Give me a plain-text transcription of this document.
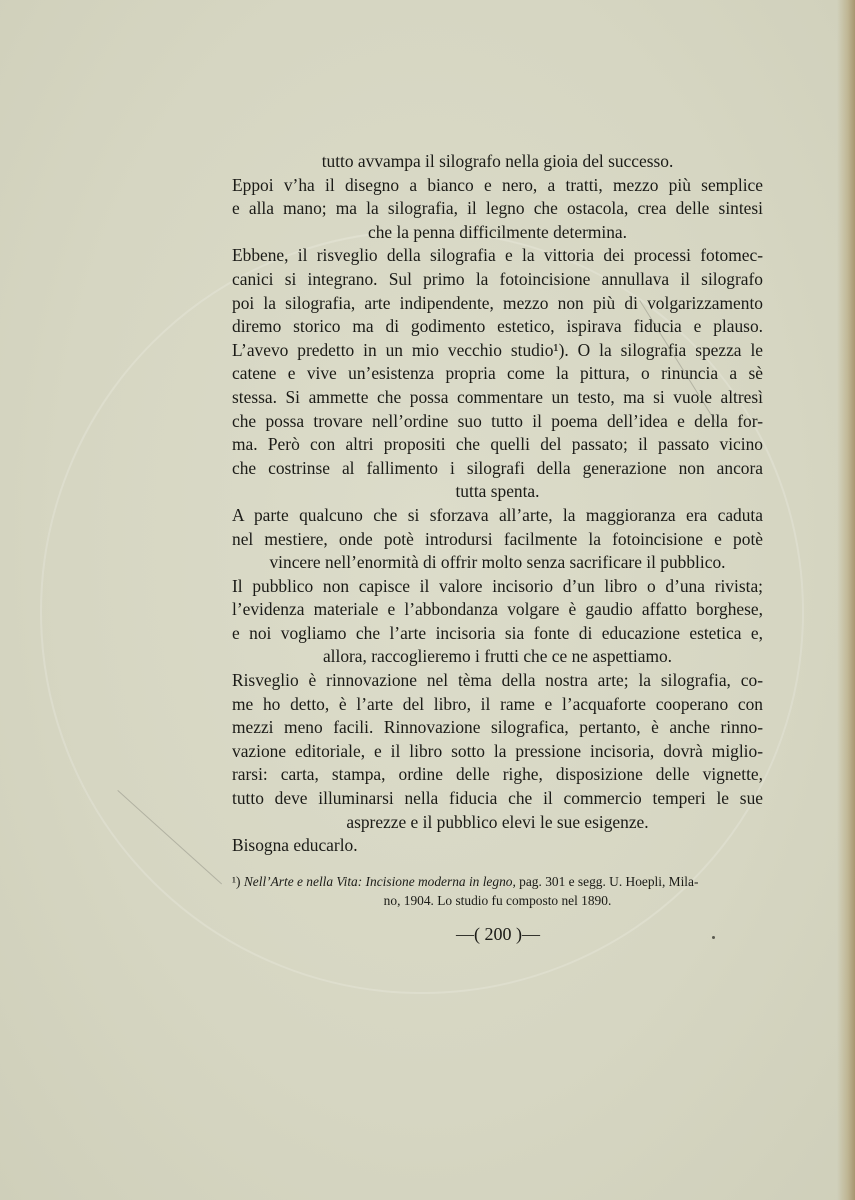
tutto avvampa il silografo nella gioia del successo.
Eppoi v’ha il disegno a bianco e nero, a tratti, mezzo più semplice
e alla mano; ma la silografia, il legno che ostacola, crea delle sintesi
che la penna difficilmente determina.
Ebbene, il risveglio della silografia e la vittoria dei processi fotomec-
canici si integrano. Sul primo la fotoincisione annullava il silografo
poi la silografia, arte indipendente, mezzo non più di volgarizzamento
diremo storico ma di godimento estetico, ispirava fiducia e plauso.
L’avevo predetto in un mio vecchio studio¹). O la silografia spezza le
catene e vive un’esistenza propria come la pittura, o rinuncia a sè
stessa. Si ammette che possa commentare un testo, ma si vuole altresì
che possa trovare nell’ordine suo tutto il poema dell’idea e della for-
ma. Però con altri propositi che quelli del passato; il passato vicino
che costrinse al fallimento i silografi della generazione non ancora
tutta spenta.
A parte qualcuno che si sforzava all’arte, la maggioranza era caduta
nel mestiere, onde potè introdursi facilmente la fotoincisione e potè
vincere nell’enormità di offrir molto senza sacrificare il pubblico.
Il pubblico non capisce il valore incisorio d’un libro o d’una rivista;
l’evidenza materiale e l’abbondanza volgare è gaudio affatto borghese,
e noi vogliamo che l’arte incisoria sia fonte di educazione estetica e,
allora, raccoglieremo i frutti che ce ne aspettiamo.
Risveglio è rinnovazione nel tèma della nostra arte; la silografia, co-
me ho detto, è l’arte del libro, il rame e l’acquaforte cooperano con
mezzi meno facili. Rinnovazione silografica, pertanto, è anche rinno-
vazione editoriale, e il libro sotto la pressione incisoria, dovrà miglio-
rarsi: carta, stampa, ordine delle righe, disposizione delle vignette,
tutto deve illuminarsi nella fiducia che il commercio temperi le sue
asprezze e il pubblico elevi le sue esigenze.
Bisogna educarlo.
¹) Nell’Arte e nella Vita: Incisione moderna in legno, pag. 301 e segg. U. Hoepli, Mila-
no, 1904. Lo studio fu composto nel 1890.
—( 200 )—
